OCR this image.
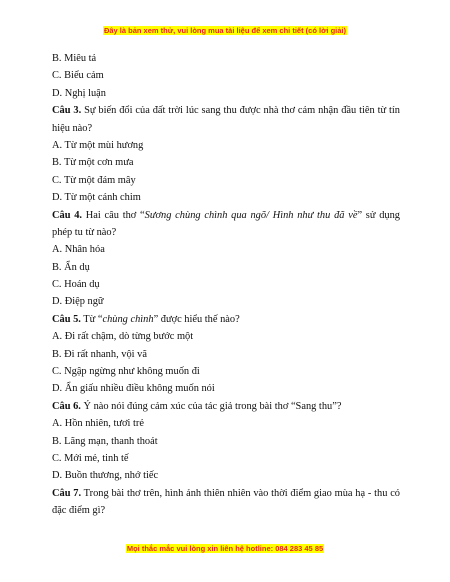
Đây là bản xem thử, vui lòng mua tài liệu để xem chi tiết (có lời giải)
B. Miêu tả
C. Biểu cảm
D. Nghị luận
Câu 3. Sự biến đổi của đất trời lúc sang thu được nhà thơ cảm nhận đầu tiên từ tín
hiệu nào?
A. Từ một mùi hương
B. Từ một cơn mưa
C. Từ một đám mây
D. Từ một cánh chim
Câu 4. Hai câu thơ “Sương chùng chình qua ngõ/ Hình như thu đã về” sử dụng
phép tu từ nào?
A. Nhân hóa
B. Ẩn dụ
C. Hoán dụ
D. Điệp ngữ
Câu 5. Từ “chùng chình” được hiểu thế nào?
A. Đi rất chậm, dò từng bước một
B. Đi rất nhanh, vội vã
C. Ngập ngừng như không muốn đi
D. Ẩn giấu nhiều điều không muốn nói
Câu 6. Ý nào nói đúng cảm xúc của tác giả trong bài thơ “Sang thu”?
A. Hồn nhiên, tươi trẻ
B. Lãng mạn, thanh thoát
C. Mới mẻ, tinh tế
D. Buồn thương, nhớ tiếc
Câu 7. Trong bài thơ trên, hình ảnh thiên nhiên vào thời điểm giao mùa hạ - thu có
đặc điểm gì?
Mọi thắc mắc vui lòng xin liên hệ hotline: 084 283 45 85
